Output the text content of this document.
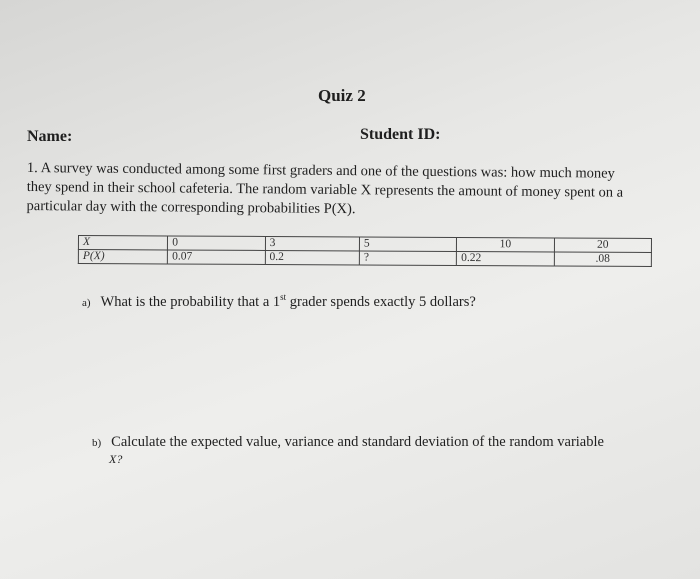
Quiz 2
Name:	Student ID:
1. A survey was conducted among some first graders and one of the questions was: how much money
they spend in their school cafeteria. The random variable X represents the amount of money spent on a
particular day with the corresponding probabilities P(X).
X	0	3	5	10	20
P(X)	0.07	0.2	?	0.22	.08
a) What is the probability that a 1st grader spends exactly 5 dollars?
b) Calculate the expected value, variance and standard deviation of the random variable
X?
